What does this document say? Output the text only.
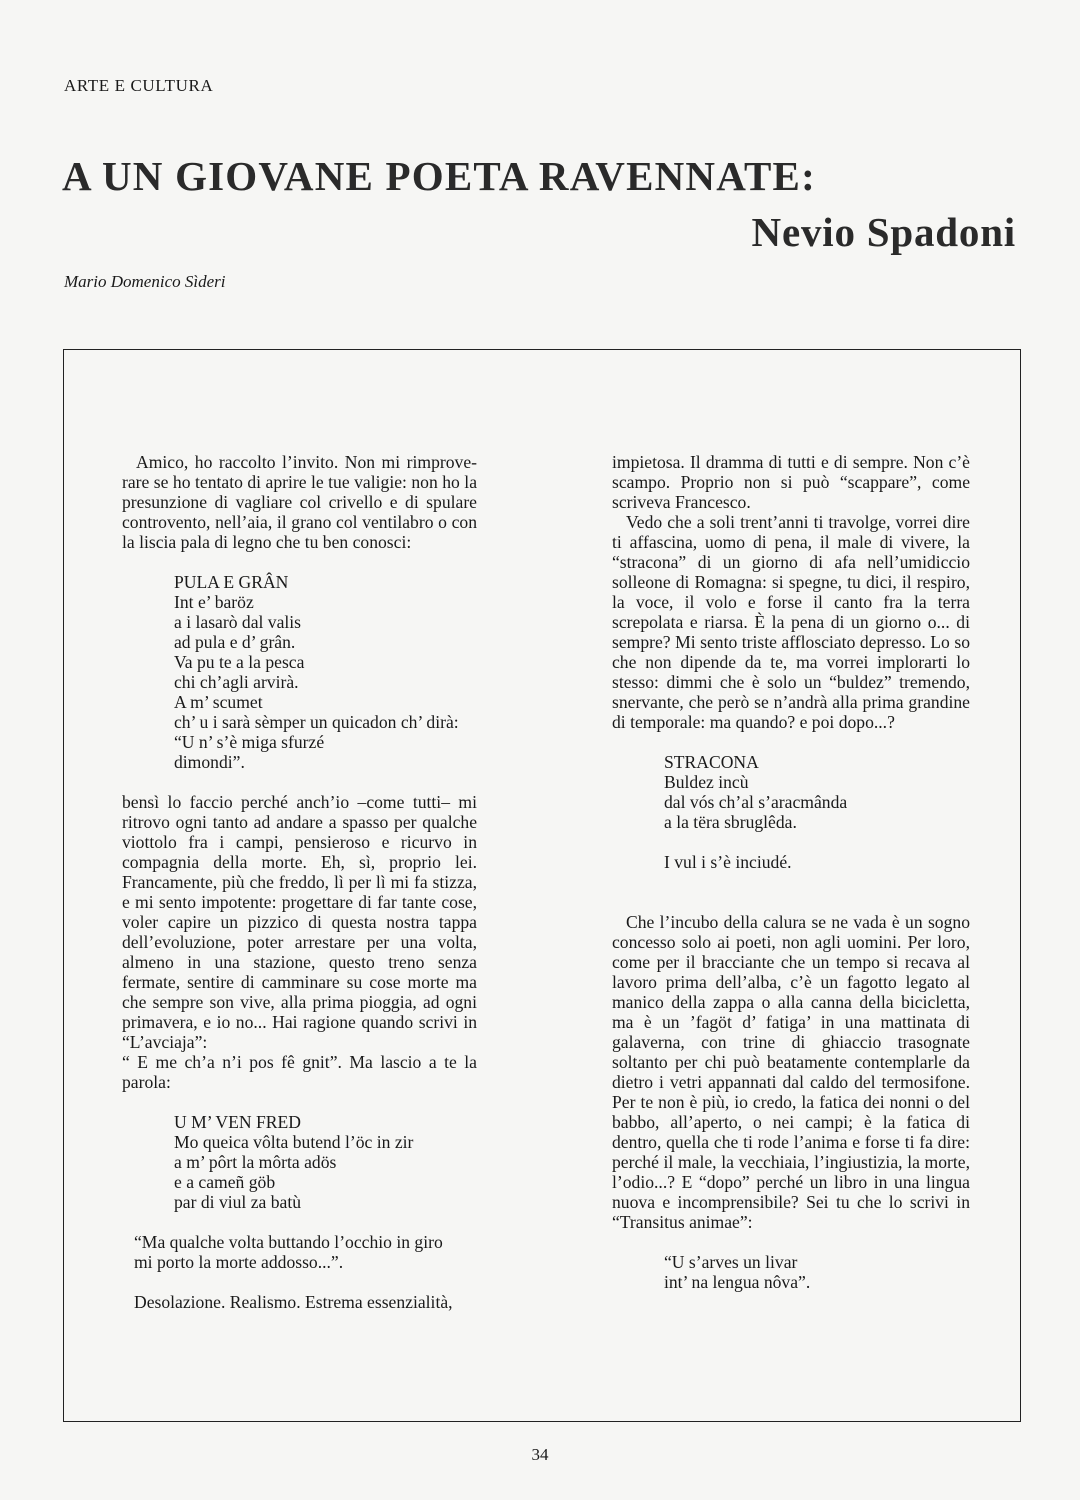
ARTE E CULTURA
A UN GIOVANE POETA RAVENNATE:
Nevio Spadoni
Mario Domenico Sìderi

Amico, ho raccolto l’invito. Non mi rimproverare se ho tentato di aprire le tue valigie: non ho la presunzione di vagliare col crivello e di spulare controvento, nell’aia, il grano col ventilabro o con la liscia pala di legno che tu ben conosci:

PULA E GRÂN
Int e’ baröz
a i lasarò dal valis
ad pula e d’ grân.
Va pu te a la pesca
chi ch’agli arvirà.
A m’ scumet
ch’ u i sarà sèmper un quicadon ch’ dirà:
“U n’ s’è miga sfurzé
dimondi”.

bensì lo faccio perché anch’io –come tutti– mi ritrovo ogni tanto ad andare a spasso per qualche viottolo fra i campi, pensieroso e ricurvo in compagnia della morte. Eh, sì, proprio lei. Francamente, più che freddo, lì per lì mi fa stizza, e mi sento impotente: progettare di far tante cose, voler capire un pizzico di questa nostra tappa dell’evoluzione, poter arrestare per una volta, almeno in una stazione, questo treno senza fermate, sentire di camminare su cose morte ma che sempre son vive, alla prima pioggia, ad ogni primavera, e io no... Hai ragione quando scrivi in “L’avciaja”:

“ E me ch’a n’i pos fê gnit”. Ma lascio a te la parola:

U M’ VEN FRED
Mo queica vôlta butend l’öc in zir
a m’ pôrt la môrta adös
e a cameñ göb
par di viul za batù
“Ma qualche volta buttando l’occhio in giro
mi porto la morte addosso...”.

Desolazione. Realismo. Estrema essenzialità,

impietosa. Il dramma di tutti e di sempre. Non c’è scampo. Proprio non si può “scappare”, come scriveva Francesco.

Vedo che a soli trent’anni ti travolge, vorrei dire ti affascina, uomo di pena, il male di vivere, la “stracona” di un giorno di afa nell’umidiccio solleone di Romagna: si spegne, tu dici, il respiro, la voce, il volo e forse il canto fra la terra screpolata e riarsa. È la pena di un giorno o... di sempre? Mi sento triste afflosciato depresso. Lo so che non dipende da te, ma vorrei implorarti lo stesso: dimmi che è solo un “buldez” tremendo, snervante, che però se n’andrà alla prima grandine di temporale: ma quando? e poi dopo...?

STRACONA
Buldez incù
dal vós ch’al s’aracmânda
a la tëra sbruglêda.
I vul i s’è inciudé.

Che l’incubo della calura se ne vada è un sogno concesso solo ai poeti, non agli uomini. Per loro, come per il bracciante che un tempo si recava al lavoro prima dell’alba, c’è un fagotto legato al manico della zappa o alla canna della bicicletta, ma è un ’fagöt d’ fatiga’ in una mattinata di galaverna, con trine di ghiaccio trasognate soltanto per chi può beatamente contemplarle da dietro i vetri appannati dal caldo del termosifone. Per te non è più, io credo, la fatica dei nonni o del babbo, all’aperto, o nei campi; è la fatica di dentro, quella che ti rode l’anima e forse ti fa dire: perché il male, la vecchiaia, l’ingiustizia, la morte, l’odio...? E “dopo” perché un libro in una lingua nuova e incomprensibile? Sei tu che lo scrivi in “Transitus animae”:

“U s’arves un livar
int’ na lengua nôva”.
34
